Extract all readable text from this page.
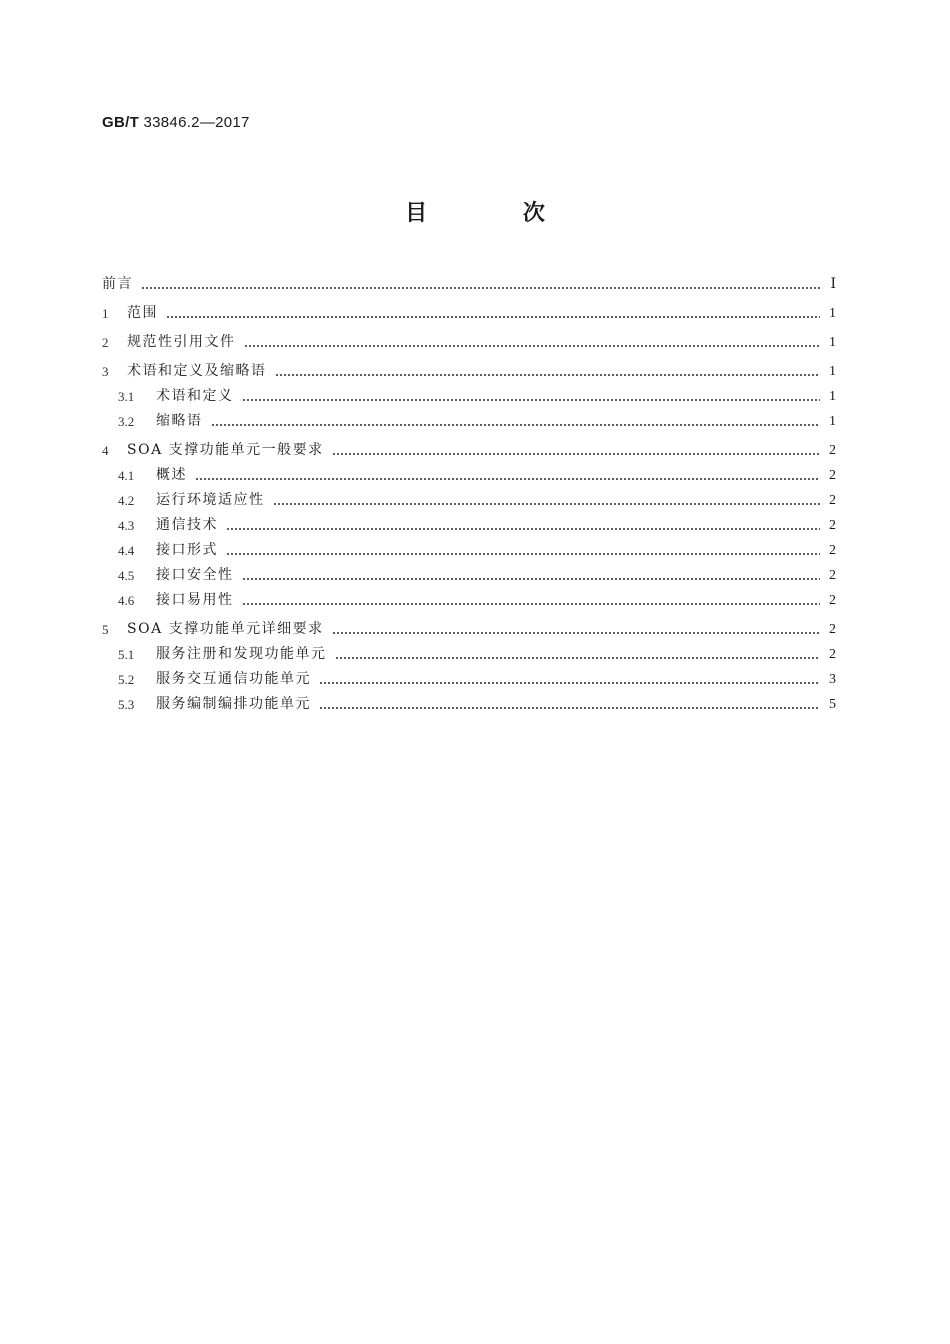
GB/T 33846.2—2017
目 次
前言	Ⅰ
1	范围	1
2	规范性引用文件	1
3	术语和定义及缩略语	1
3.1	术语和定义	1
3.2	缩略语	1
4	SOA 支撑功能单元一般要求	2
4.1	概述	2
4.2	运行环境适应性	2
4.3	通信技术	2
4.4	接口形式	2
4.5	接口安全性	2
4.6	接口易用性	2
5	SOA 支撑功能单元详细要求	2
5.1	服务注册和发现功能单元	2
5.2	服务交互通信功能单元	3
5.3	服务编制编排功能单元	5
